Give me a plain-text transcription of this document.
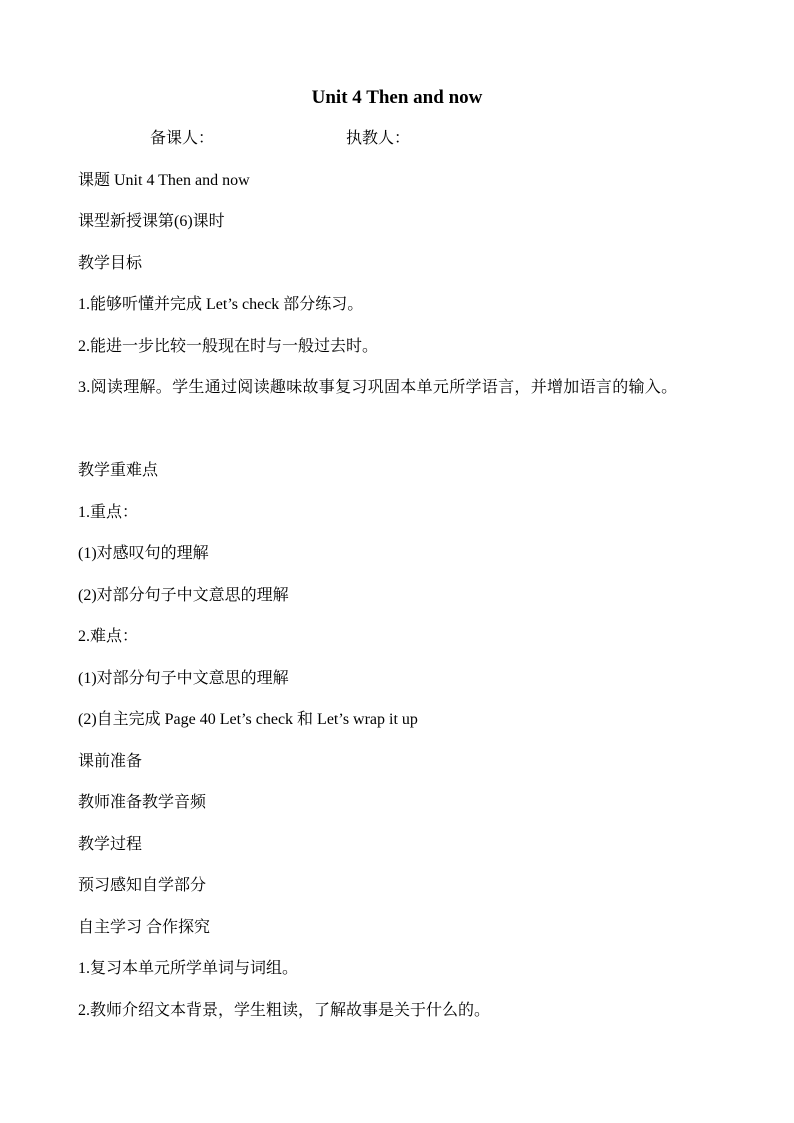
Unit 4 Then and now
备课人：	执教人：
课题 Unit 4 Then and now
课型新授课第(6)课时
教学目标
1.能够听懂并完成 Let’s check 部分练习。
2.能进一步比较一般现在时与一般过去时。
3.阅读理解。学生通过阅读趣味故事复习巩固本单元所学语言，并增加语言的输入。
教学重难点
1.重点：
(1)对感叹句的理解
(2)对部分句子中文意思的理解
2.难点：
(1)对部分句子中文意思的理解
(2)自主完成 Page 40 Let’s check 和 Let’s wrap it up
课前准备
教师准备教学音频
教学过程
预习感知自学部分
自主学习 合作探究
1.复习本单元所学单词与词组。
2.教师介绍文本背景，学生粗读，了解故事是关于什么的。
